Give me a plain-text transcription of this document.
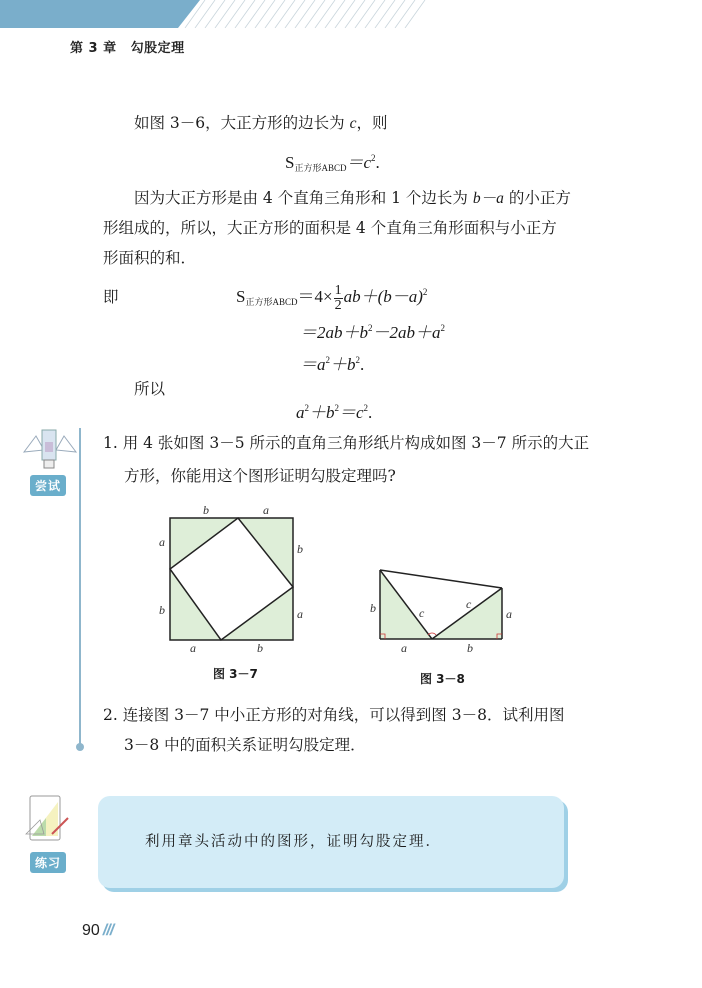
第 3 章 勾股定理
如图 3－6，大正方形的边长为 c，则
$S_{正方形ABCD}=c^2$.
因为大正方形是由 4 个直角三角形和 1 个边长为 b－a 的小正方
形组成的，所以，大正方形的面积是 4 个直角三角形面积与小正方
形面积的和．
即	$S_{正方形ABCD}=4\times \frac{1}{2} ab+(b-a)^2$
$=2ab+b^2-2ab+a^2$
$=a^2+b^2$.
所以
$a^2+b^2=c^2$.
尝试
1. 用 4 张如图 3－5 所示的直角三角形纸片构成如图 3－7 所示的大正
方形，你能用这个图形证明勾股定理吗?
b	a
a
b
b
a
a	b
图 3－7
b	a
a	b
c
c
图 3－8
2. 连接图 3－7 中小正方形的对角线，可以得到图 3－8．试利用图
3－8 中的面积关系证明勾股定理．
练习
利用章头活动中的图形，证明勾股定理．
90 ///
